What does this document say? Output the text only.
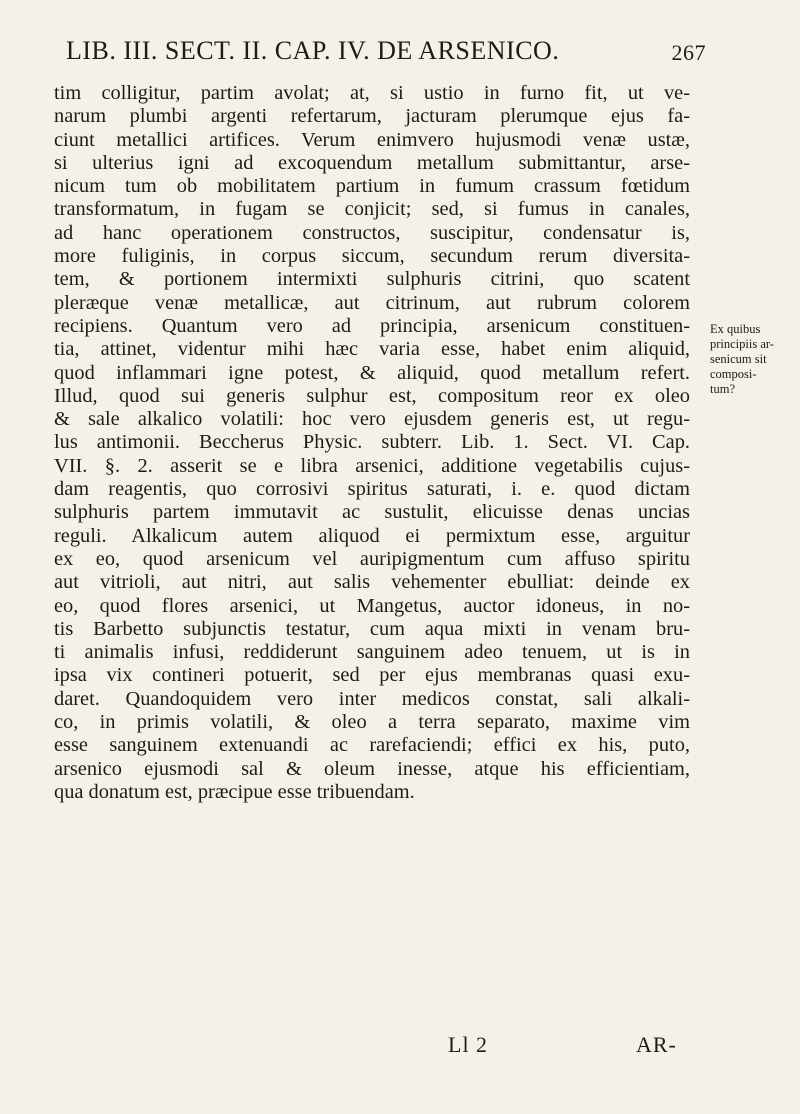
LIB. III. SECT. II. CAP. IV. DE ARSENICO.	267
tim colligitur, partim avolat; at, si ustio in furno fit, ut ve-
narum plumbi argenti refertarum, jacturam plerumque ejus fa-
ciunt metallici artifices. Verum enimvero hujusmodi venæ ustæ,
si ulterius igni ad excoquendum metallum submittantur, arse-
nicum tum ob mobilitatem partium in fumum crassum fœtidum
transformatum, in fugam se conjicit; sed, si fumus in canales,
ad hanc operationem constructos, suscipitur, condensatur is,
more fuliginis, in corpus siccum, secundum rerum diversita-
tem, & portionem intermixti sulphuris citrini, quo scatent
pleræque venæ metallicæ, aut citrinum, aut rubrum colorem
recipiens. Quantum vero ad principia, arsenicum constituen-
tia, attinet, videntur mihi hæc varia esse, habet enim aliquid,
quod inflammari igne potest, & aliquid, quod metallum refert.
Illud, quod sui generis sulphur est, compositum reor ex oleo
& sale alkalico volatili: hoc vero ejusdem generis est, ut regu-
lus antimonii. Beccherus Physic. subterr. Lib. 1. Sect. VI. Cap.
VII. §. 2. asserit se e libra arsenici, additione vegetabilis cujus-
dam reagentis, quo corrosivi spiritus saturati, i. e. quod dictam
sulphuris partem immutavit ac sustulit, elicuisse denas uncias
reguli. Alkalicum autem aliquod ei permixtum esse, arguitur
ex eo, quod arsenicum vel auripigmentum cum affuso spiritu
aut vitrioli, aut nitri, aut salis vehementer ebulliat: deinde ex
eo, quod flores arsenici, ut Mangetus, auctor idoneus, in no-
tis Barbetto subjunctis testatur, cum aqua mixti in venam bru-
ti animalis infusi, reddiderunt sanguinem adeo tenuem, ut is in
ipsa vix contineri potuerit, sed per ejus membranas quasi exu-
daret. Quandoquidem vero inter medicos constat, sali alkali-
co, in primis volatili, & oleo a terra separato, maxime vim
esse sanguinem extenuandi ac rarefaciendi; effici ex his, puto,
arsenico ejusmodi sal & oleum inesse, atque his efficientiam,
qua donatum est, præcipue esse tribuendam.
Ex quibus
principiis ar-
senicum sit
composi-
tum?
Ll 2	AR-
